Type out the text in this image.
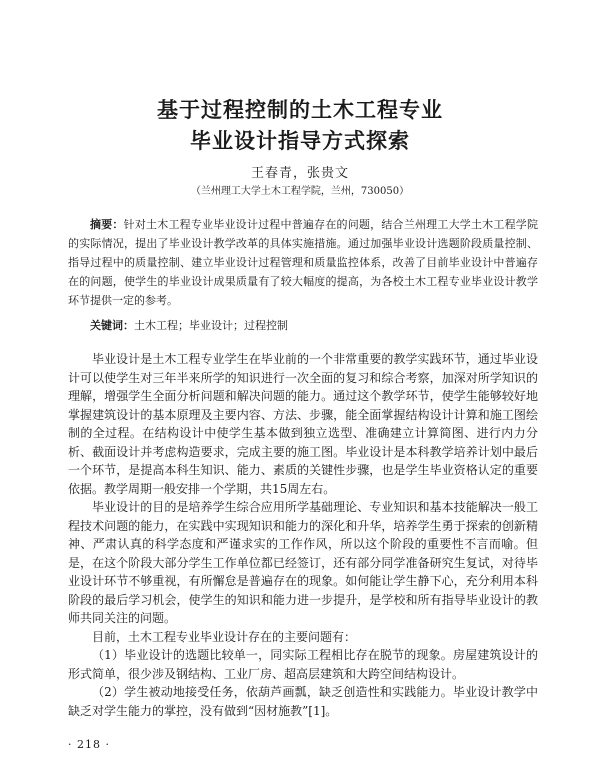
基于过程控制的土木工程专业
毕业设计指导方式探索
王春青，张贵文
（兰州理工大学土木工程学院，兰州，730050）

摘要：针对土木工程专业毕业设计过程中普遍存在的问题，结合兰州理工大学土木工程学院的实际情况，提出了毕业设计教学改革的具体实施措施。通过加强毕业设计选题阶段质量控制、指导过程中的质量控制、建立毕业设计过程管理和质量监控体系，改善了目前毕业设计中普遍存在的问题，使学生的毕业设计成果质量有了较大幅度的提高，为各校土木工程专业毕业设计教学环节提供一定的参考。

关键词：土木工程；毕业设计；过程控制

毕业设计是土木工程专业学生在毕业前的一个非常重要的教学实践环节，通过毕业设计可以使学生对三年半来所学的知识进行一次全面的复习和综合考察，加深对所学知识的理解，增强学生全面分析问题和解决问题的能力。通过这个教学环节，使学生能够较好地掌握建筑设计的基本原理及主要内容、方法、步骤，能全面掌握结构设计计算和施工图绘制的全过程。在结构设计中使学生基本做到独立选型、准确建立计算简图、进行内力分析、截面设计并考虑构造要求，完成主要的施工图。毕业设计是本科教学培养计划中最后一个环节，是提高本科生知识、能力、素质的关键性步骤，也是学生毕业资格认定的重要依据。教学周期一般安排一个学期，共15周左右。

毕业设计的目的是培养学生综合应用所学基础理论、专业知识和基本技能解决一般工程技术问题的能力，在实践中实现知识和能力的深化和升华，培养学生勇于探索的创新精神、严肃认真的科学态度和严谨求实的工作作风，所以这个阶段的重要性不言而喻。但是，在这个阶段大部分学生工作单位都已经签订，还有部分同学准备研究生复试，对待毕业设计环节不够重视，有所懈怠是普遍存在的现象。如何能让学生静下心，充分利用本科阶段的最后学习机会，使学生的知识和能力进一步提升，是学校和所有指导毕业设计的教师共同关注的问题。

目前，土木工程专业毕业设计存在的主要问题有：

（1）毕业设计的选题比较单一，同实际工程相比存在脱节的现象。房屋建筑设计的形式简单，很少涉及钢结构、工业厂房、超高层建筑和大跨空间结构设计。

（2）学生被动地接受任务，依葫芦画瓢，缺乏创造性和实践能力。毕业设计教学中缺乏对学生能力的掌控，没有做到“因材施教”[1]。

· 218 ·
